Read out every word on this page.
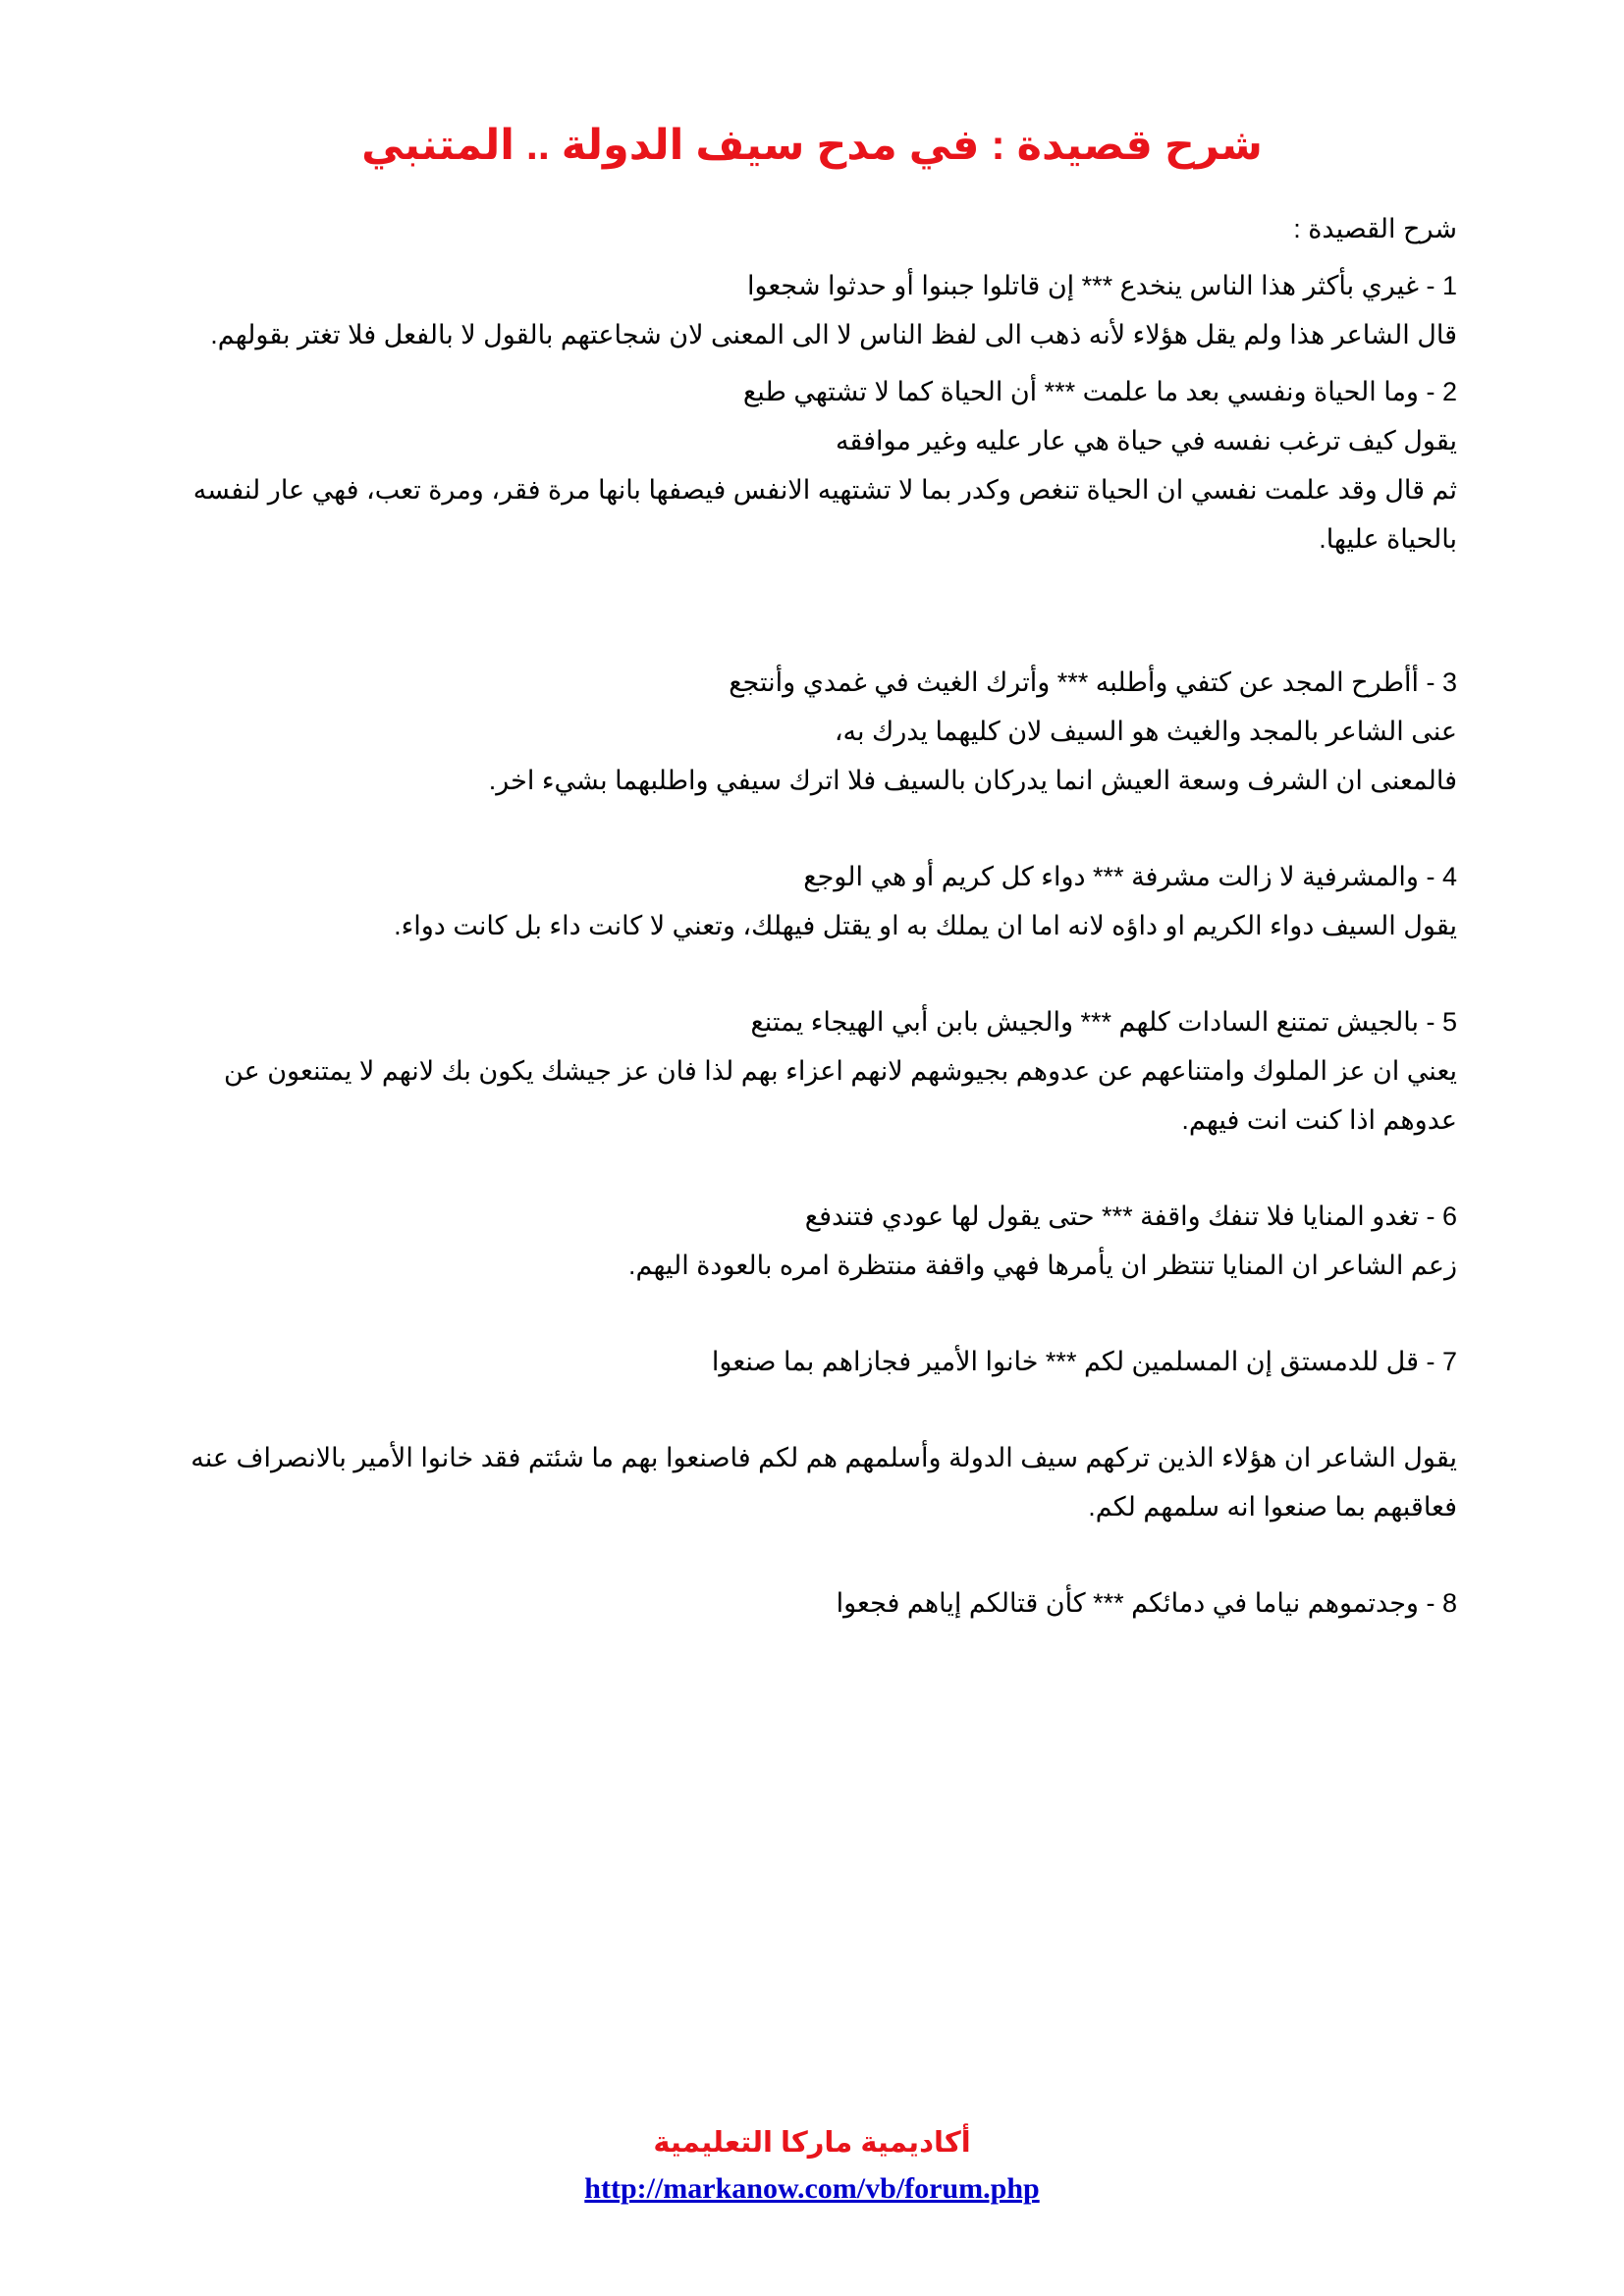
شرح قصيدة : في مدح سيف الدولة .. المتنبي

شرح القصيدة :

1 - غيري بأكثر هذا الناس ينخدع *** إن قاتلوا جبنوا أو حدثوا شجعوا

قال الشاعر هذا ولم يقل هؤلاء لأنه ذهب الى لفظ الناس لا الى المعنى لان شجاعتهم بالقول لا بالفعل فلا تغتر بقولهم.

2 - وما الحياة ونفسي بعد ما علمت *** أن الحياة كما لا تشتهي طبع

يقول كيف ترغب نفسه في حياة هي عار عليه وغير موافقه

ثم قال وقد علمت نفسي ان الحياة تنغص وكدر بما لا تشتهيه الانفس فيصفها بانها مرة فقر، ومرة تعب، فهي عار لنفسه بالحياة عليها.

3 - أأطرح المجد عن كتفي وأطلبه *** وأترك الغيث في غمدي وأنتجع

عنى الشاعر بالمجد والغيث هو السيف لان كليهما يدرك به،

فالمعنى ان الشرف وسعة العيش انما يدركان بالسيف فلا اترك سيفي واطلبهما بشيء اخر.

4 - والمشرفية لا زالت مشرفة *** دواء كل كريم أو هي الوجع

يقول السيف دواء الكريم او داؤه لانه اما ان يملك به او يقتل فيهلك، وتعني لا كانت داء بل كانت دواء.

5 - بالجيش تمتنع السادات كلهم *** والجيش بابن أبي الهيجاء يمتنع

يعني ان عز الملوك وامتناعهم عن عدوهم بجيوشهم لانهم اعزاء بهم لذا فان عز جيشك يكون بك لانهم لا يمتنعون عن عدوهم اذا كنت انت فيهم.

6 - تغدو المنايا فلا تنفك واقفة *** حتى يقول لها عودي فتندفع

زعم الشاعر ان المنايا تنتظر ان يأمرها فهي واقفة منتظرة امره بالعودة اليهم.

7 - قل للدمستق إن المسلمين لكم *** خانوا الأمير فجازاهم بما صنعوا

يقول الشاعر ان هؤلاء الذين تركهم سيف الدولة وأسلمهم هم لكم فاصنعوا بهم ما شئتم فقد خانوا الأمير بالانصراف عنه فعاقبهم بما صنعوا انه سلمهم لكم.

8 - وجدتموهم نياما في دمائكم *** كأن قتالكم إياهم فجعوا

أكاديمية ماركا التعليمية

http://markanow.com/vb/forum.php
